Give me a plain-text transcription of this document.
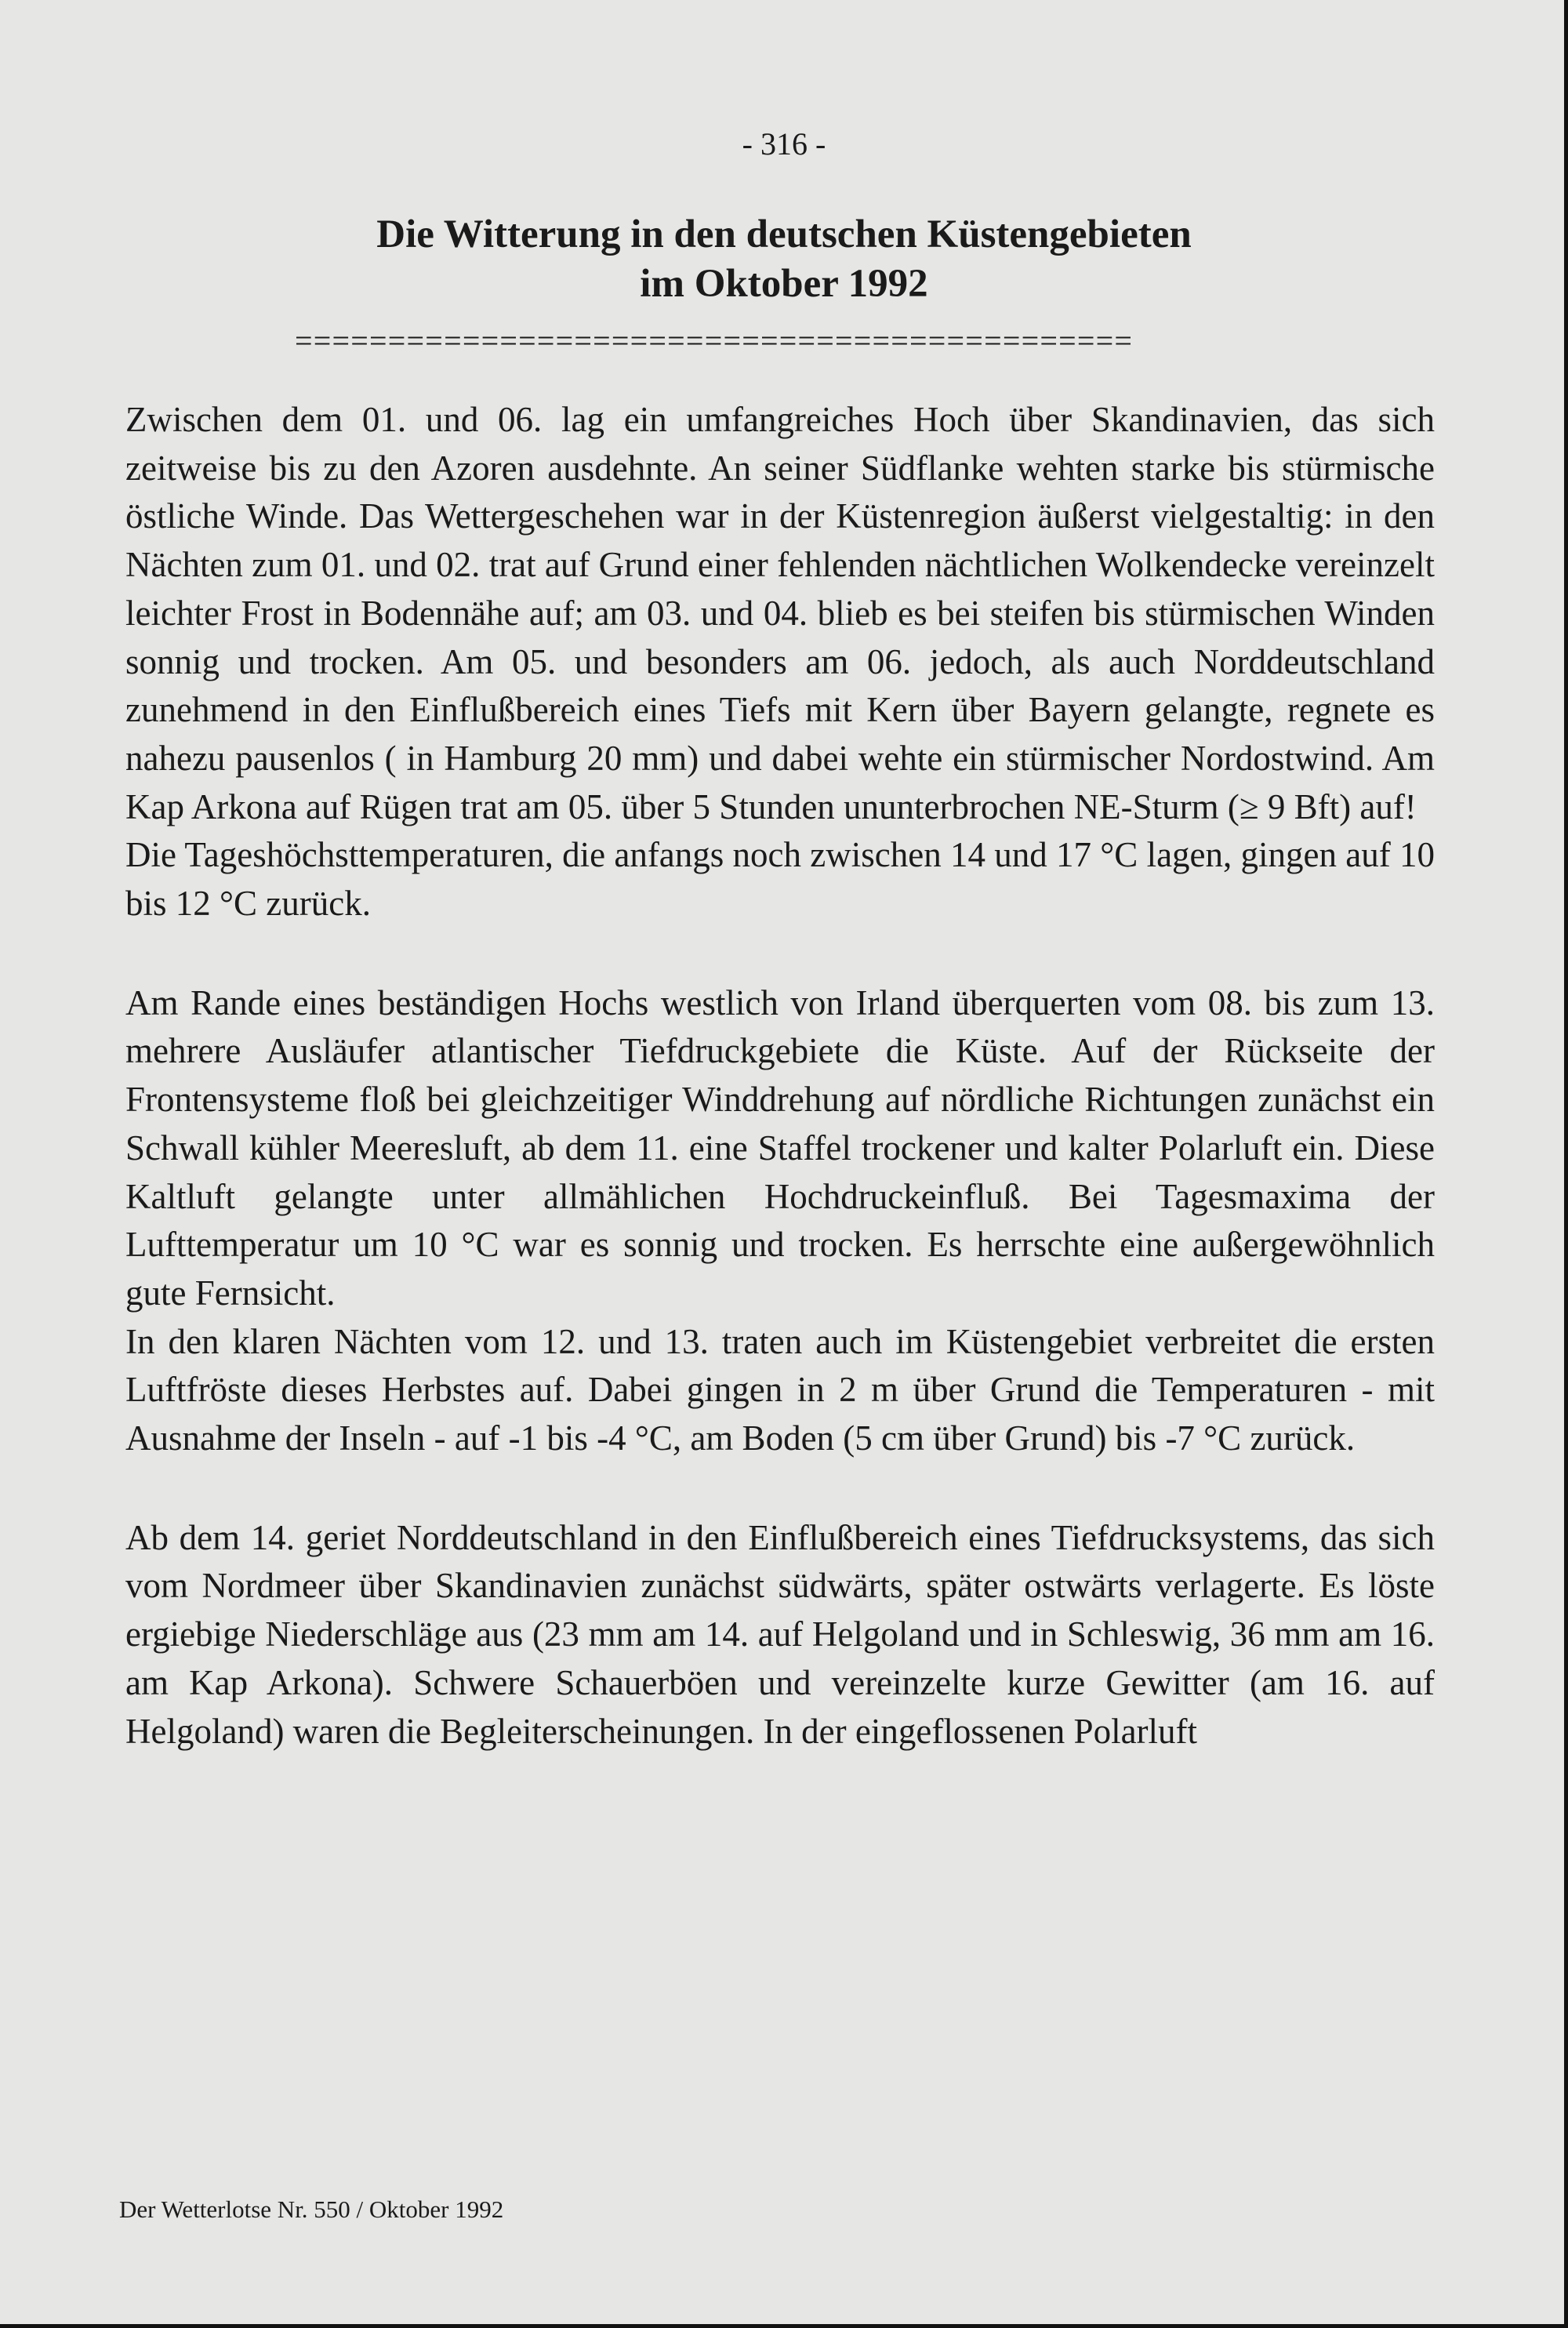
- 316 -
Die Witterung in den deutschen Küstengebieten
im Oktober 1992
=============================================

Zwischen dem 01. und 06. lag ein umfangreiches Hoch über Skandinavien, das sich zeitweise bis zu den Azoren ausdehnte. An seiner Südflanke wehten starke bis stürmische östliche Winde. Das Wettergeschehen war in der Küstenregion äußerst vielgestaltig: in den Nächten zum 01. und 02. trat auf Grund einer fehlenden nächtlichen Wolkendecke vereinzelt leichter Frost in Bodennähe auf; am 03. und 04. blieb es bei steifen bis stürmischen Winden sonnig und trocken. Am 05. und besonders am 06. jedoch, als auch Norddeutschland zunehmend in den Einflußbereich eines Tiefs mit Kern über Bayern gelangte, regnete es nahezu pausenlos ( in Hamburg 20 mm) und dabei wehte ein stürmischer Nordostwind. Am Kap Arkona auf Rügen trat am 05. über 5 Stunden ununterbrochen NE-Sturm (≥ 9 Bft) auf!

Die Tageshöchsttemperaturen, die anfangs noch zwischen 14 und 17 °C lagen, gingen auf 10 bis 12 °C zurück.

Am Rande eines beständigen Hochs westlich von Irland überquerten vom 08. bis zum 13. mehrere Ausläufer atlantischer Tiefdruckgebiete die Küste. Auf der Rückseite der Frontensysteme floß bei gleichzeitiger Winddrehung auf nördliche Richtungen zunächst ein Schwall kühler Meeresluft, ab dem 11. eine Staffel trockener und kalter Polarluft ein. Diese Kaltluft gelangte unter allmählichen Hochdruckeinfluß. Bei Tagesmaxima der Lufttemperatur um 10 °C war es sonnig und trocken. Es herrschte eine außergewöhnlich gute Fernsicht.

In den klaren Nächten vom 12. und 13. traten auch im Küstengebiet verbreitet die ersten Luftfröste dieses Herbstes auf. Dabei gingen in 2 m über Grund die Temperaturen - mit Ausnahme der Inseln - auf -1 bis -4 °C, am Boden (5 cm über Grund) bis -7 °C zurück.

Ab dem 14. geriet Norddeutschland in den Einflußbereich eines Tiefdrucksystems, das sich vom Nordmeer über Skandinavien zunächst südwärts, später ostwärts verlagerte. Es löste ergiebige Niederschläge aus (23 mm am 14. auf Helgoland und in Schleswig, 36 mm am 16. am Kap Arkona). Schwere Schauerböen und vereinzelte kurze Gewitter (am 16. auf Helgoland) waren die Begleiterscheinungen. In der eingeflossenen Polarluft

Der Wetterlotse Nr. 550 / Oktober 1992
